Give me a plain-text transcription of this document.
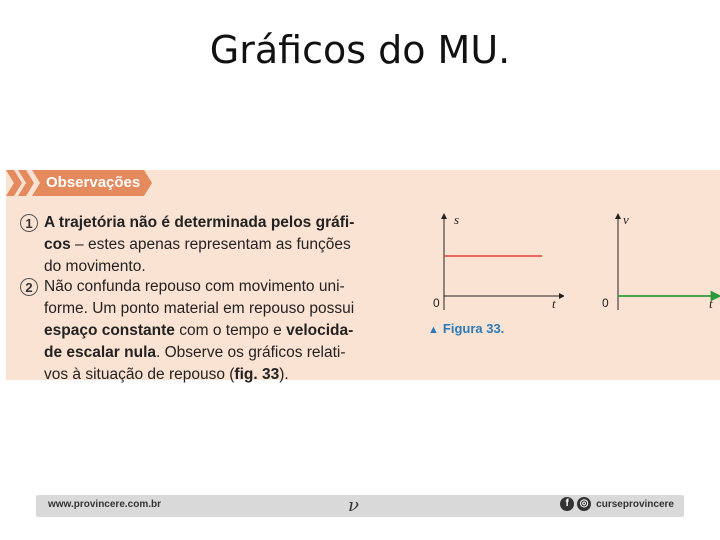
Gráficos do MU.
Observações
1 A trajetória não é determinada pelos gráfi-
cos – estes apenas representam as funções
do movimento.
2 Não confunda repouso com movimento uni-
forme. Um ponto material em repouso possui
espaço constante com o tempo e velocida-
de escalar nula. Observe os gráficos relati-
vos à situação de repouso (fig. 33).
s
t
0
v
t
0
▲ Figura 33.
www.provincere.com.br	ν	f	◎ curseprovincere
